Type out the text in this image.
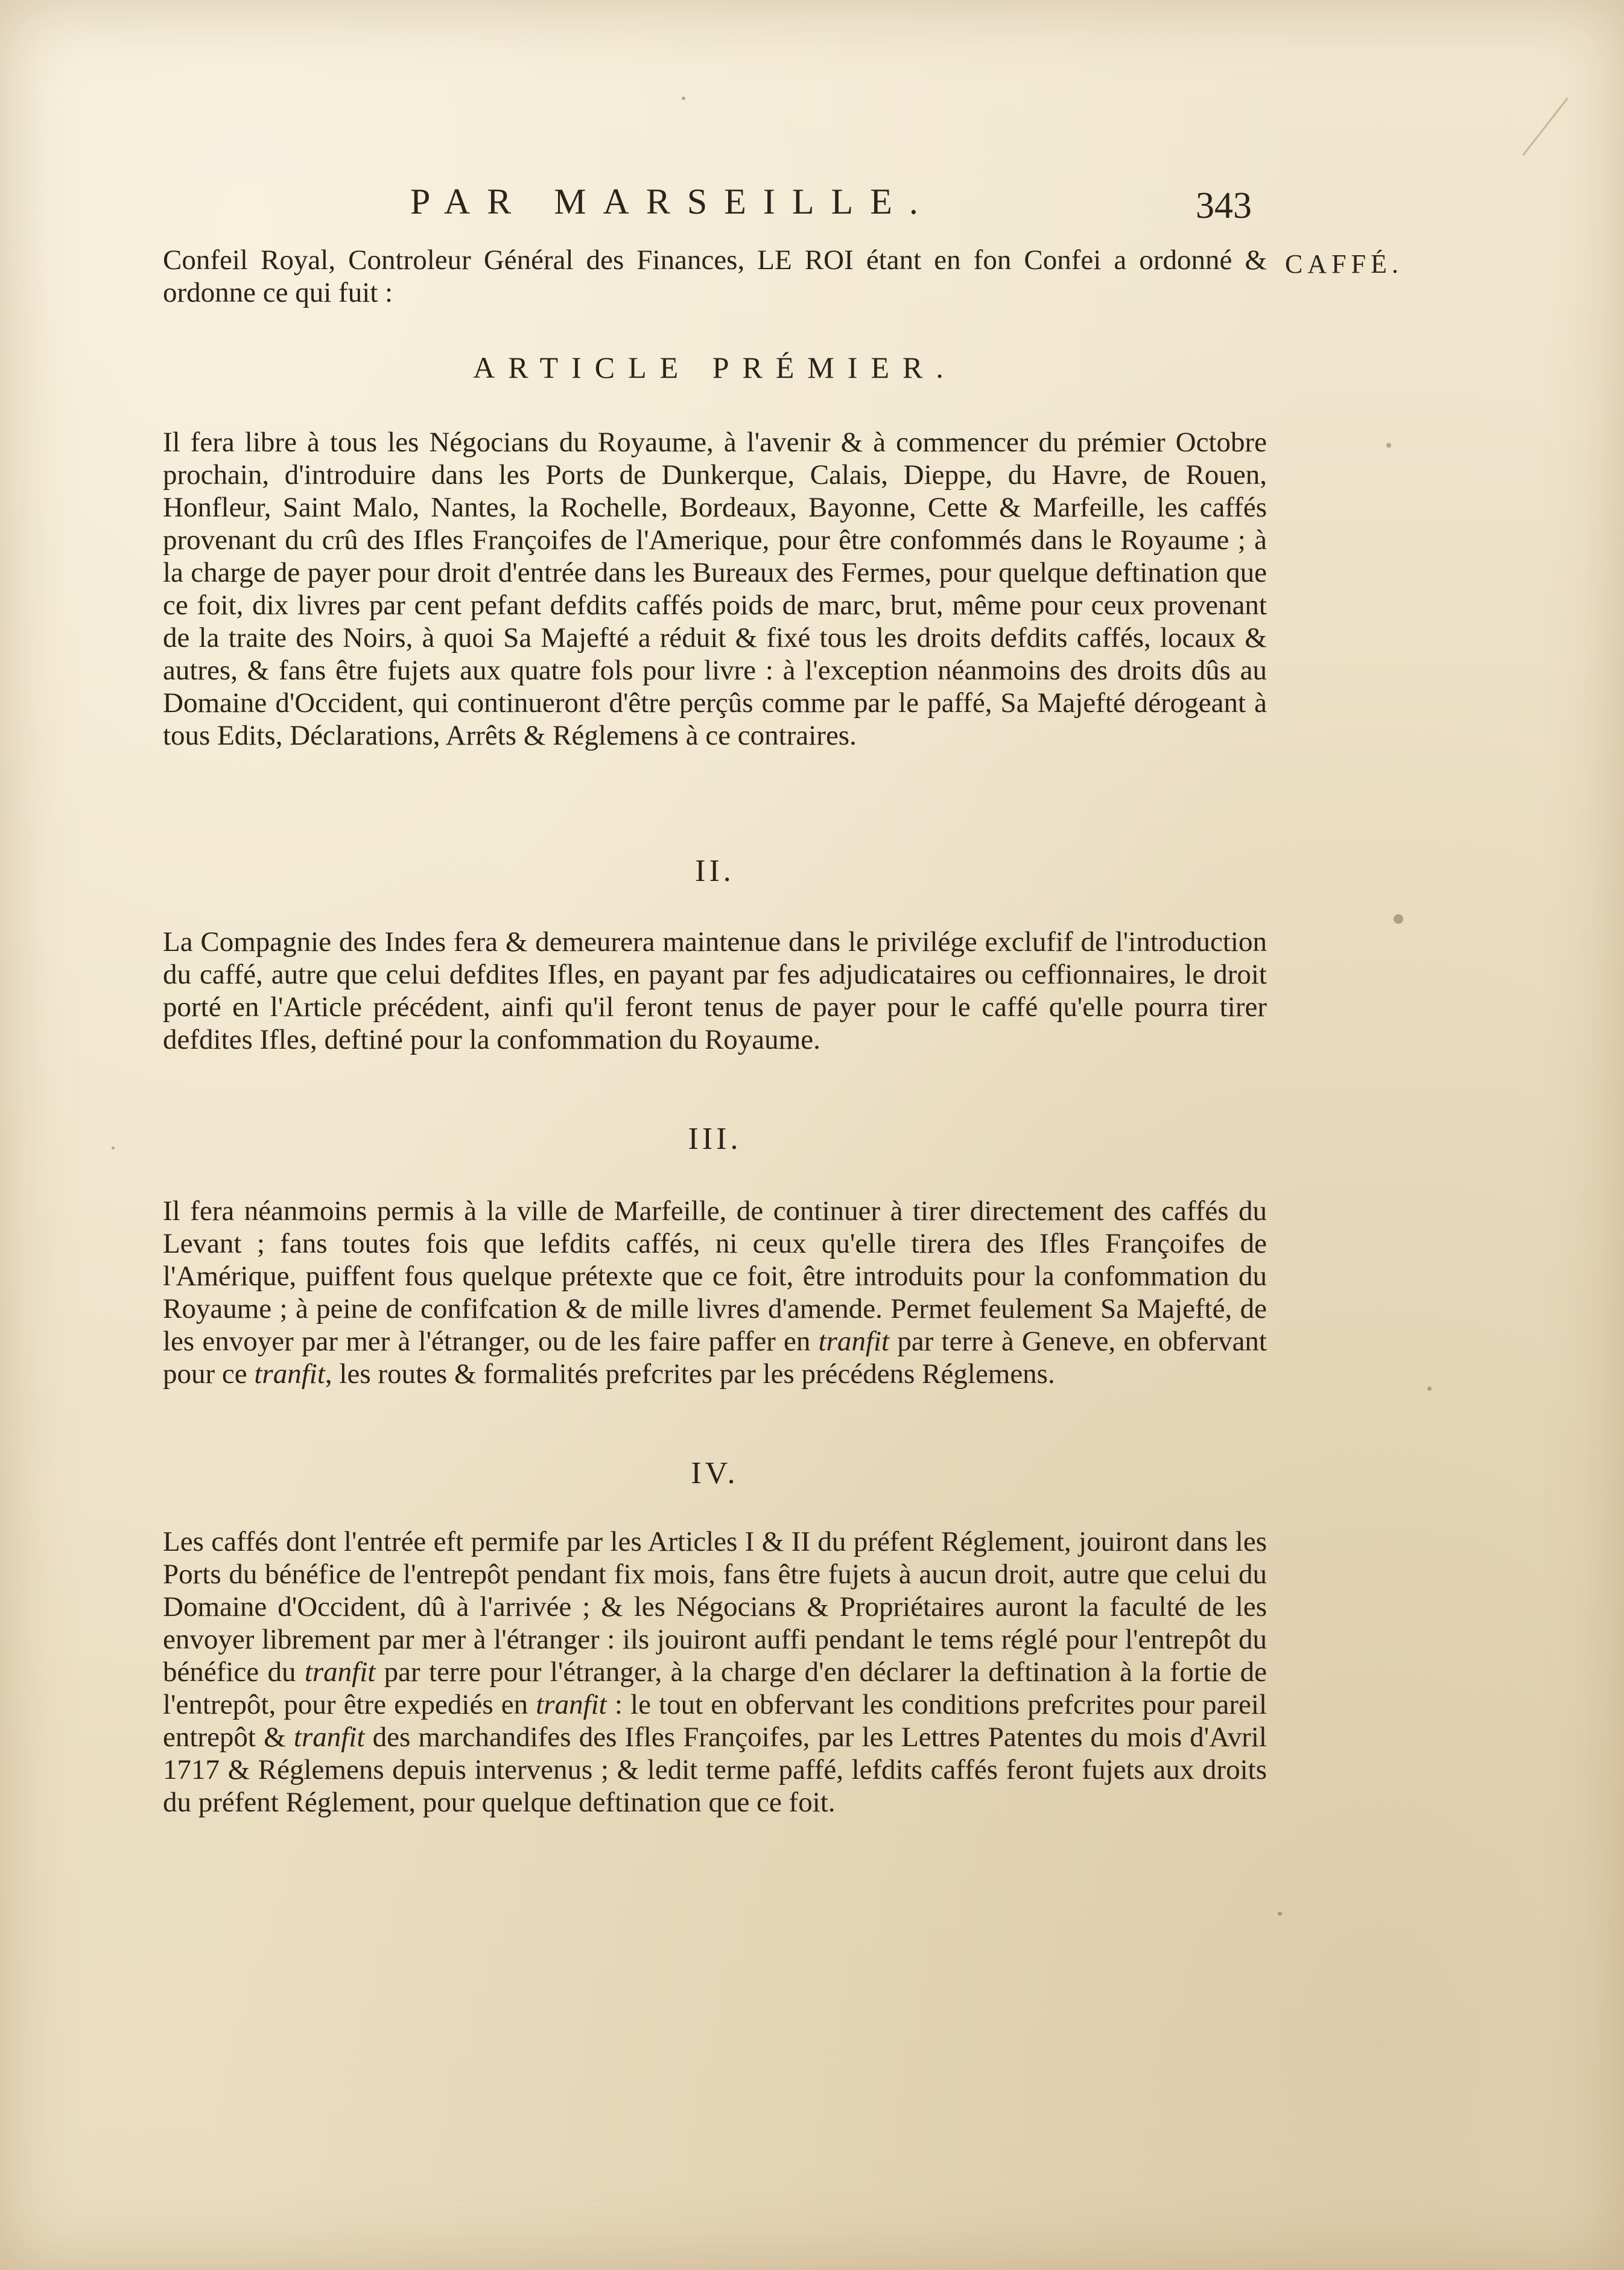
PAR MARSEILLE.	343
CAFFÉ.

Confeil Royal, Controleur Général des Finances, LE ROI étant en fon Confei a ordonné & ordonne ce qui fuit :

ARTICLE PRÉMIER.

Il fera libre à tous les Négocians du Royaume, à l'avenir & à commencer du prémier Octobre prochain, d'introduire dans les Ports de Dunkerque, Calais, Dieppe, du Havre, de Rouen, Honfleur, Saint Malo, Nantes, la Rochelle, Bordeaux, Bayonne, Cette & Marfeille, les caffés provenant du crû des Ifles Françoifes de l'Amerique, pour être confommés dans le Royaume ; à la charge de payer pour droit d'entrée dans les Bureaux des Fermes, pour quelque deftination que ce foit, dix livres par cent pefant defdits caffés poids de marc, brut, même pour ceux provenant de la traite des Noirs, à quoi Sa Majefté a réduit & fixé tous les droits defdits caffés, locaux & autres, & fans être fujets aux quatre fols pour livre : à l'exception néanmoins des droits dûs au Domaine d'Occident, qui continueront d'être perçûs comme par le paffé, Sa Majefté dérogeant à tous Edits, Déclarations, Arrêts & Réglemens à ce contraires.

II.

La Compagnie des Indes fera & demeurera maintenue dans le privilége exclufif de l'introduction du caffé, autre que celui defdites Ifles, en payant par fes adjudicataires ou ceffionnaires, le droit porté en l'Article précédent, ainfi qu'il feront tenus de payer pour le caffé qu'elle pourra tirer defdites Ifles, deftiné pour la confommation du Royaume.

III.

Il fera néanmoins permis à la ville de Marfeille, de continuer à tirer directement des caffés du Levant ; fans toutes fois que lefdits caffés, ni ceux qu'elle tirera des Ifles Françoifes de l'Amérique, puiffent fous quelque prétexte que ce foit, être introduits pour la confommation du Royaume ; à peine de confifcation & de mille livres d'amende. Permet feulement Sa Majefté, de les envoyer par mer à l'étranger, ou de les faire paffer en tranfit par terre à Geneve, en obfervant pour ce tranfit, les routes & formalités prefcrites par les précédens Réglemens.

IV.

Les caffés dont l'entrée eft permife par les Articles I & II du préfent Réglement, jouiront dans les Ports du bénéfice de l'entrepôt pendant fix mois, fans être fujets à aucun droit, autre que celui du Domaine d'Occident, dû à l'arrivée ; & les Négocians & Propriétaires auront la faculté de les envoyer librement par mer à l'étranger : ils jouiront auffi pendant le tems réglé pour l'entrepôt du bénéfice du tranfit par terre pour l'étranger, à la charge d'en déclarer la deftination à la fortie de l'entrepôt, pour être expediés en tranfit : le tout en obfervant les conditions prefcrites pour pareil entrepôt & tranfit des marchandifes des Ifles Françoifes, par les Lettres Patentes du mois d'Avril 1717 & Réglemens depuis intervenus ; & ledit terme paffé, lefdits caffés feront fujets aux droits du préfent Réglement, pour quelque deftination que ce foit.
